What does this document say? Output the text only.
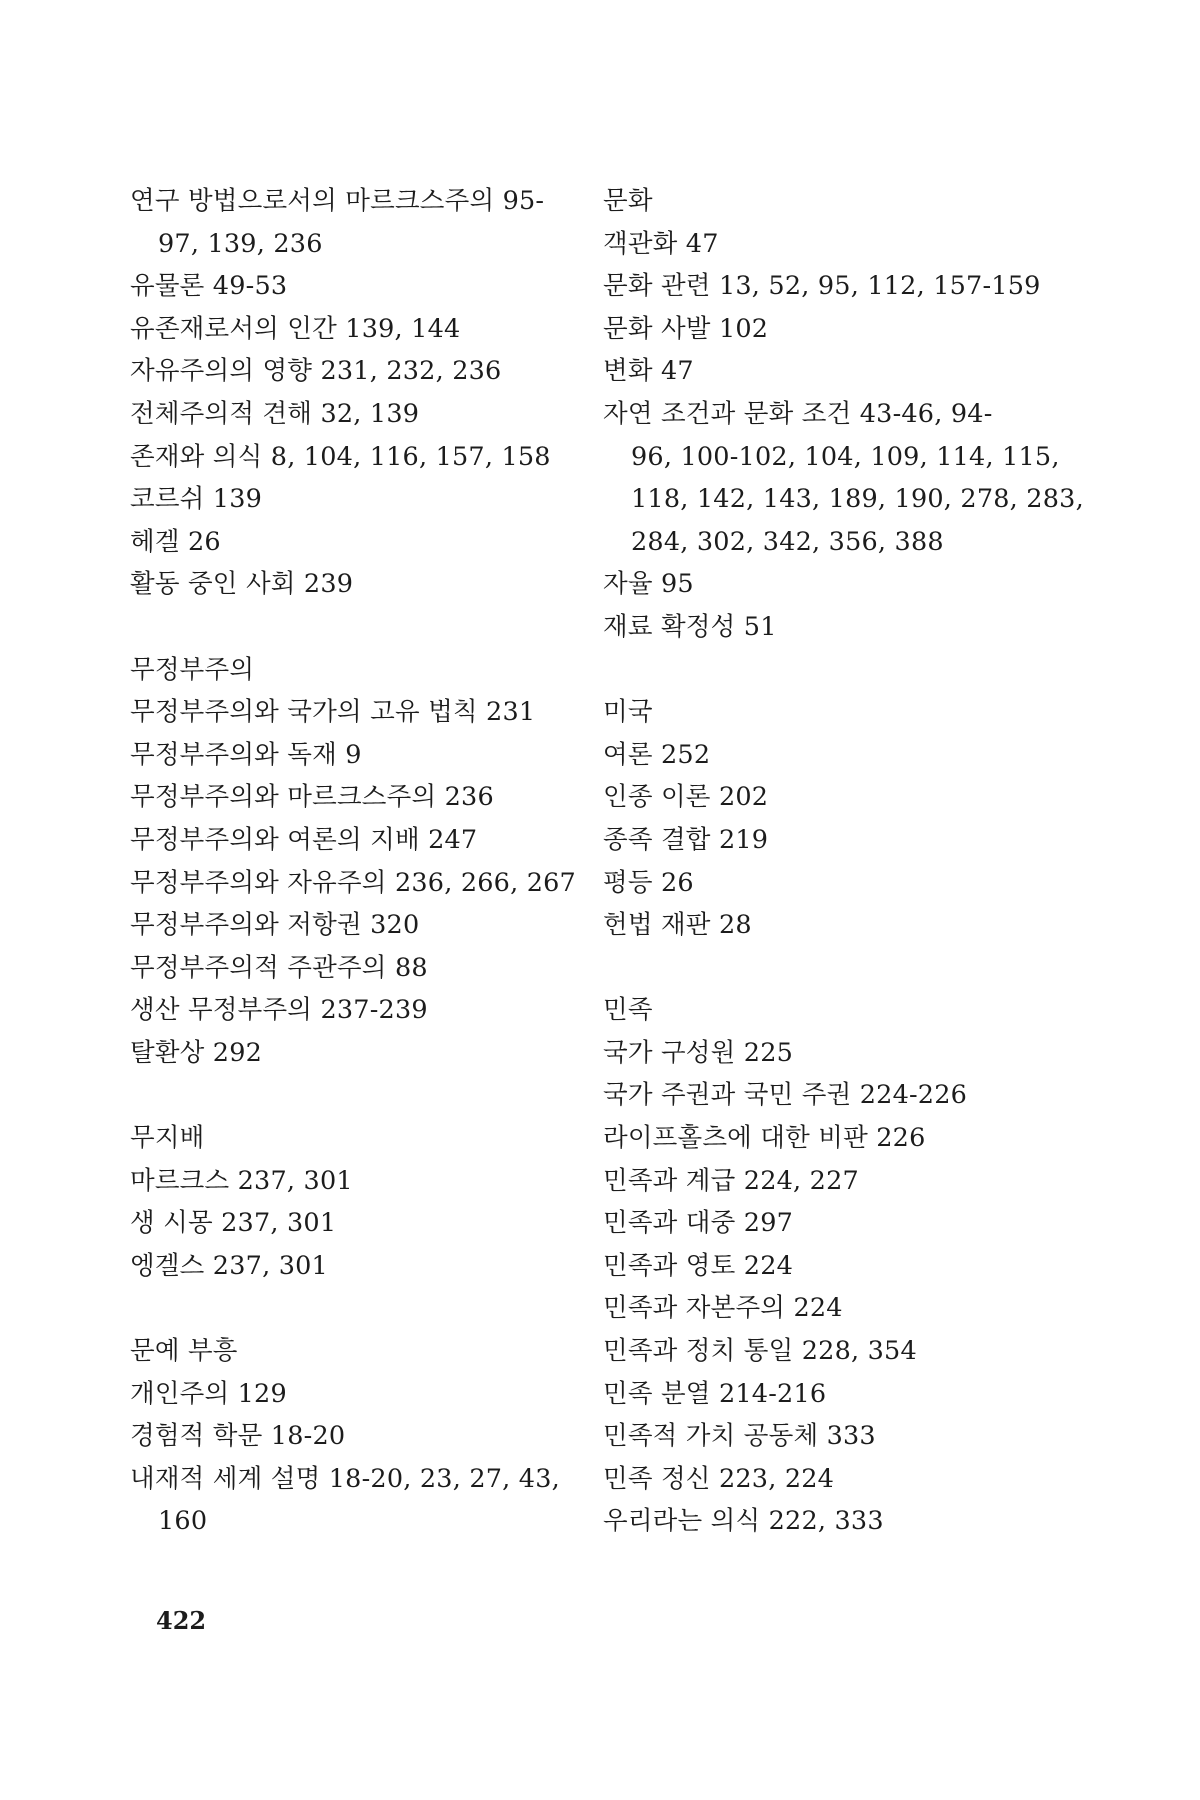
연구 방법으로서의 마르크스주의 95-
97, 139, 236
유물론 49-53
유존재로서의 인간 139, 144
자유주의의 영향 231, 232, 236
전체주의적 견해 32, 139
존재와 의식 8, 104, 116, 157, 158
코르쉬 139
헤겔 26
활동 중인 사회 239
무정부주의
무정부주의와 국가의 고유 법칙 231
무정부주의와 독재 9
무정부주의와 마르크스주의 236
무정부주의와 여론의 지배 247
무정부주의와 자유주의 236, 266, 267
무정부주의와 저항권 320
무정부주의적 주관주의 88
생산 무정부주의 237-239
탈환상 292
무지배
마르크스 237, 301
생 시몽 237, 301
엥겔스 237, 301
문예 부흥
개인주의 129
경험적 학문 18-20
내재적 세계 설명 18-20, 23, 27, 43,
160
문화
객관화 47
문화 관련 13, 52, 95, 112, 157-159
문화 사발 102
변화 47
자연 조건과 문화 조건 43-46, 94-
96, 100-102, 104, 109, 114, 115,
118, 142, 143, 189, 190, 278, 283,
284, 302, 342, 356, 388
자율 95
재료 확정성 51
미국
여론 252
인종 이론 202
종족 결합 219
평등 26
헌법 재판 28
민족
국가 구성원 225
국가 주권과 국민 주권 224-226
라이프홀츠에 대한 비판 226
민족과 계급 224, 227
민족과 대중 297
민족과 영토 224
민족과 자본주의 224
민족과 정치 통일 228, 354
민족 분열 214-216
민족적 가치 공동체 333
민족 정신 223, 224
우리라는 의식 222, 333
422
